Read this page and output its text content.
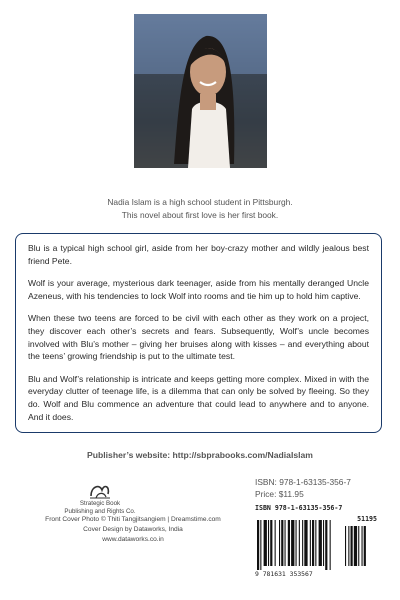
Nadia Islam is a high school student in Pittsburgh.
This novel about first love is her first book.

Blu is a typical high school girl, aside from her boy-crazy mother and wildly jealous best friend Pete.

Wolf is your average, mysterious dark teenager, aside from his mentally deranged Uncle Azeneus, with his tendencies to lock Wolf into rooms and tie him up to hold him captive.

When these two teens are forced to be civil with each other as they work on a project, they discover each other’s secrets and fears. Subsequently, Wolf’s uncle becomes involved with Blu’s mother – giving her bruises along with kisses – and everything about the teens’ growing friendship is put to the ultimate test.

Blu and Wolf’s relationship is intricate and keeps getting more complex. Mixed in with the everyday clutter of teenage life, is a dilemma that can only be solved by fleeing. So they do. Wolf and Blu commence an adventure that could lead to anywhere and to anyone. And it does.

Publisher’s website: http://sbprabooks.com/NadiaIslam
ISBN: 978-1-63135-356-7
Price: $11.95
Strategic Book
Publishing and Rights Co.
Front Cover Photo © Thiti Tangjitsangiem | Dreamstime.com
Cover Design by Dataworks, India
www.dataworks.co.in
ISBN 978-1-63135-356-7
51195
9 781631 353567
